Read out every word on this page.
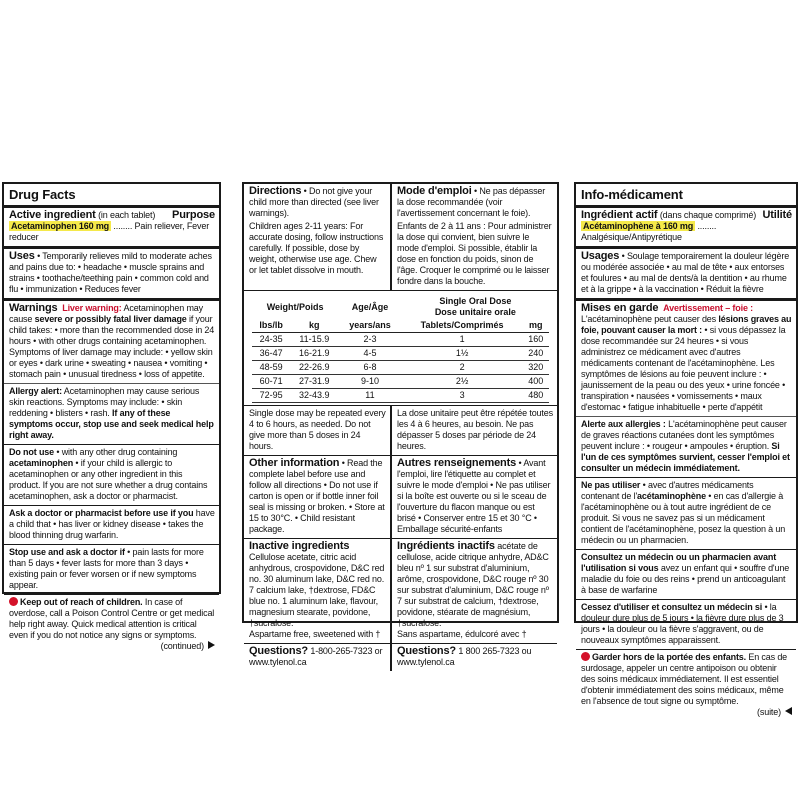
Drug Facts
Active ingredient (in each tablet) Purpose
Acetaminophen 160 mg ........ Pain reliever, Fever reducer
Uses • Temporarily relieves mild to moderate aches and pains due to: • headache • muscle sprains and strains • toothache/teething pain • common cold and flu • immunization • Reduces fever
Warnings Liver warning: Acetaminophen may cause severe or possibly fatal liver damage if your child takes: • more than the recommended dose in 24 hours • with other drugs containing acetaminophen. Symptoms of liver damage may include: • yellow skin or eyes • dark urine • sweating • nausea • vomiting • stomach pain • unusual tiredness • loss of appetite.
Allergy alert: Acetaminophen may cause serious skin reactions. Symptoms may include: • skin reddening • blisters • rash. If any of these symptoms occur, stop use and seek medical help right away.
Do not use • with any other drug containing acetaminophen • if your child is allergic to acetaminophen or any other ingredient in this product. If you are not sure whether a drug contains acetaminophen, ask a doctor or pharmacist.
Ask a doctor or pharmacist before use if you have a child that • has liver or kidney disease • takes the blood thinning drug warfarin.
Stop use and ask a doctor if • pain lasts for more than 5 days • fever lasts for more than 3 days • existing pain or fever worsen or if new symptoms appear.
Keep out of reach of children. In case of overdose, call a Poison Control Centre or get medical help right away. Quick medical attention is critical even if you do not notice any signs or symptoms.
(continued)
Directions • Do not give your child more than directed (see liver warnings).
Children ages 2-11 years: For accurate dosing, follow instructions carefully. If possible, dose by weight, otherwise use age. Chew or let tablet dissolve in mouth.
Mode d'emploi • Ne pas dépasser la dose recommandée (voir l'avertissement concernant le foie).
Enfants de 2 à 11 ans : Pour administrer la dose qui convient, bien suivre le mode d'emploi. Si possible, établir la dose en fonction du poids, sinon de l'âge. Croquer le comprimé ou le laisser fondre dans la bouche.
Weight/Poids		Age/Âge	Single Oral Dose
Dose unitaire orale	
lbs/lb	kg	years/ans	Tablets/Comprimés	mg
24-35	11-15.9	2-3	1	160
36-47	16-21.9	4-5	1½	240
48-59	22-26.9	6-8	2	320
60-71	27-31.9	9-10	2½	400
72-95	32-43.9	11	3	480
Single dose may be repeated every 4 to 6 hours, as needed. Do not give more than 5 doses in 24 hours.
Other information • Read the complete label before use and follow all directions • Do not use if carton is open or if bottle inner foil seal is missing or broken. • Store at 15 to 30°C. • Child resistant package.
Inactive ingredients Cellulose acetate, citric acid anhydrous, crospovidone, D&C red no. 30 aluminum lake, D&C red no. 7 calcium lake, †dextrose, FD&C blue no. 1 aluminum lake, flavour, magnesium stearate, povidone, †sucralose.
Aspartame free, sweetened with †
Questions? 1-800-265-7323 or www.tylenol.ca
La dose unitaire peut être répétée toutes les 4 à 6 heures, au besoin. Ne pas dépasser 5 doses par période de 24 heures.
Autres renseignements • Avant l'emploi, lire l'étiquette au complet et suivre le mode d'emploi • Ne pas utiliser si la boîte est ouverte ou si le sceau de l'ouverture du flacon manque ou est brisé • Conserver entre 15 et 30 °C • Emballage sécurité-enfants
Ingrédients inactifs acétate de cellulose, acide citrique anhydre, AD&C bleu nº 1 sur substrat d'aluminium, arôme, crospovidone, D&C rouge nº 30 sur substrat d'aluminium, D&C rouge nº 7 sur substrat de calcium, †dextrose, povidone, stéarate de magnésium, †sucralose.
Sans aspartame, édulcoré avec †
Questions? 1 800 265-7323 ou www.tylenol.ca
Info-médicament
Ingrédient actif (dans chaque comprimé) Utilité
Acétaminophène à 160 mg ........ Analgésique/Antipyrétique
Usages • Soulage temporairement la douleur légère ou modérée associée • au mal de tête • aux entorses et foulures • au mal de dents/à la dentition • au rhume et à la grippe • à la vaccination • Réduit la fièvre
Mises en garde Avertissement – foie : L'acétaminophène peut causer des lésions graves au foie, pouvant causer la mort : • si vous dépassez la dose recommandée sur 24 heures • si vous administrez ce médicament avec d'autres médicaments contenant de l'acétaminophène. Les symptômes de lésions au foie peuvent inclure : • jaunissement de la peau ou des yeux • urine foncée • transpiration • nausées • vomissements • maux d'estomac • fatigue inhabituelle • perte d'appétit
Alerte aux allergies : L'acétaminophène peut causer de graves réactions cutanées dont les symptômes peuvent inclure : • rougeur • ampoules • éruption. Si l'un de ces symptômes survient, cesser l'emploi et consulter un médecin immédiatement.
Ne pas utiliser • avec d'autres médicaments contenant de l'acétaminophène • en cas d'allergie à l'acétaminophène ou à tout autre ingrédient de ce produit. Si vous ne savez pas si un médicament contient de l'acétaminophène, posez la question à un médecin ou un pharmacien.
Consultez un médecin ou un pharmacien avant l'utilisation si vous avez un enfant qui • souffre d'une maladie du foie ou des reins • prend un anticoagulant à base de warfarine
Cessez d'utiliser et consultez un médecin si • la douleur dure plus de 5 jours • la fièvre dure plus de 3 jours • la douleur ou la fièvre s'aggravent, ou de nouveaux symptômes apparaissent.
Garder hors de la portée des enfants. En cas de surdosage, appeler un centre antipoison ou obtenir des soins médicaux immédiatement. Il est essentiel d'obtenir immédiatement des soins médicaux, même en l'absence de tout signe ou symptôme.
(suite)
